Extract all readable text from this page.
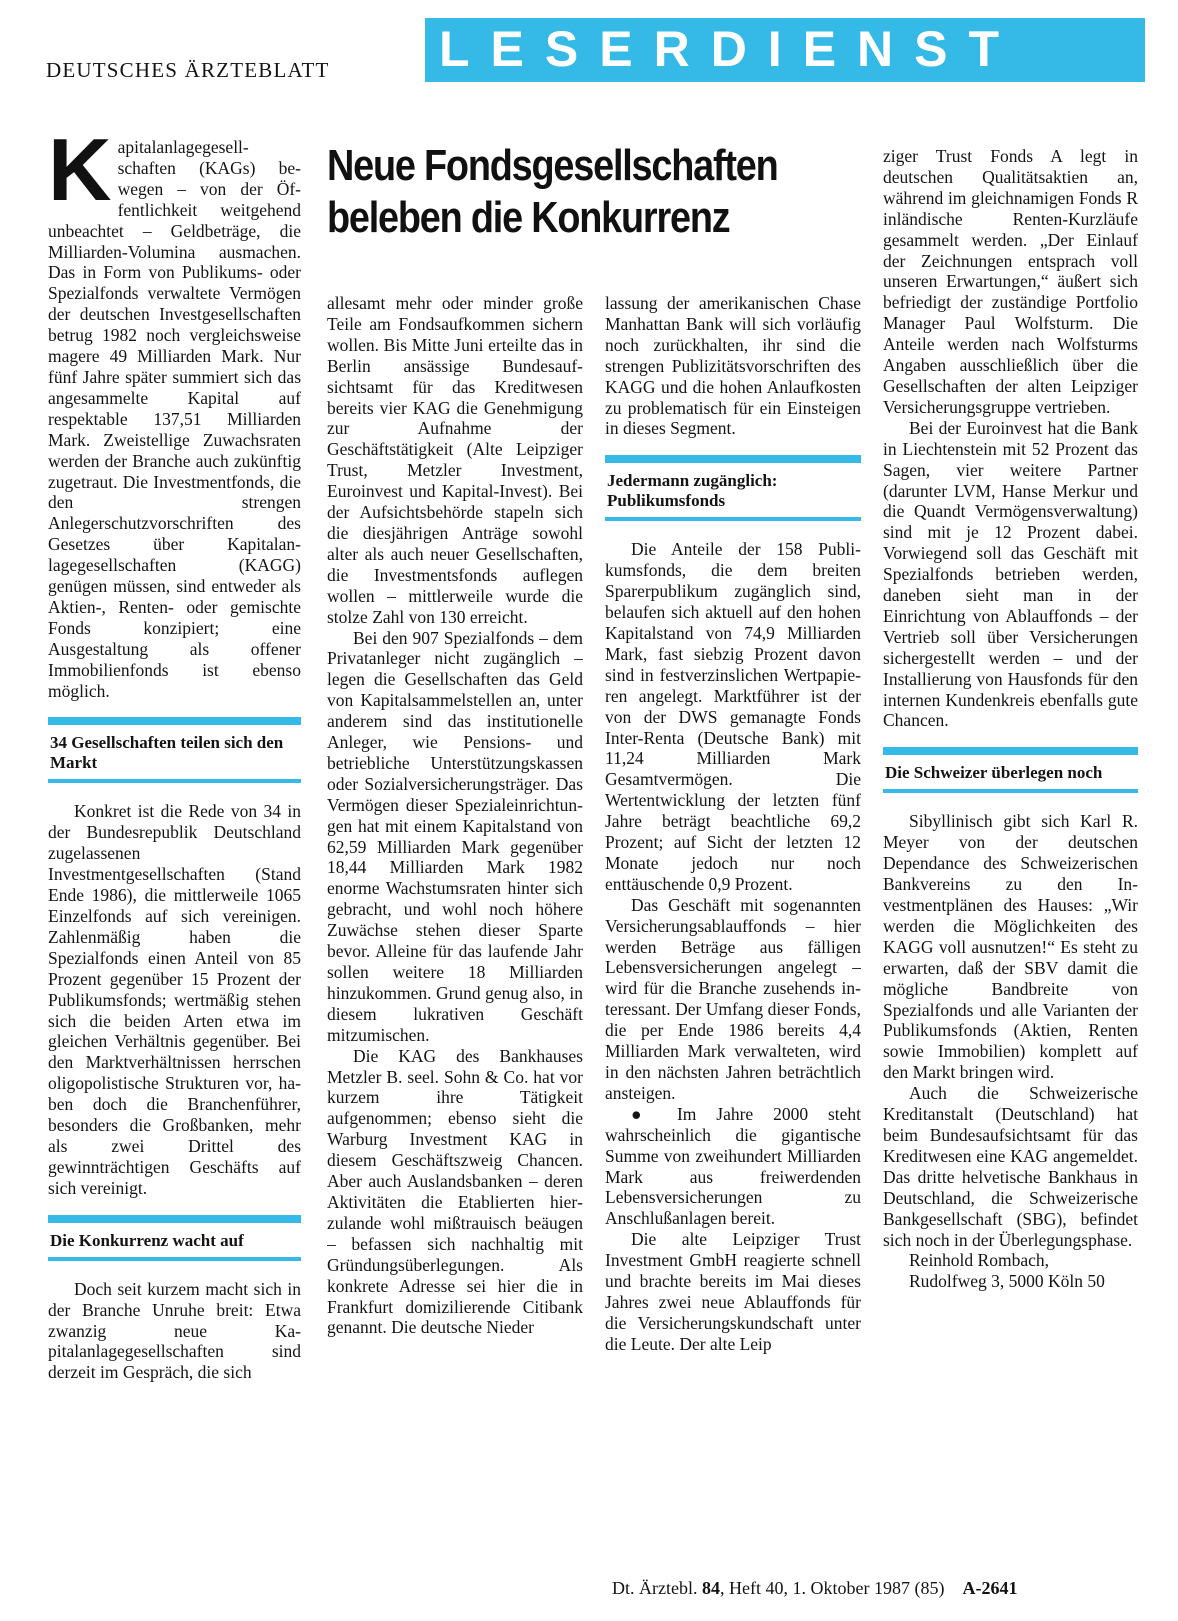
DEUTSCHES ÄRZTEBLATT LESERDIENST
Neue Fondsgesellschaften
beleben die Konkurrenz

Kapitalanlagegesellschaften (KAGs) bewegen – von der Öffentlichkeit weitgehend unbeachtet – Geldbeträge, die Milliarden-Volumina ausmachen. Das in Form von Publikums- oder Spezialfonds verwaltete Vermögen der deutschen Investgesellschaften betrug 1982 noch vergleichsweise magere 49 Milliarden Mark. Nur fünf Jahre später summiert sich das angesammelte Kapital auf respektable 137,51 Milliarden Mark. Zweistellige Zuwachsraten werden der Branche auch zukünftig zugetraut. Die Investmentfonds, die den strengen Anlegerschutzvorschriften des Gesetzes über Kapitalanlagegesellschaften (KAGG) genügen müssen, sind entweder als Aktien-, Renten- oder gemischte Fonds konzipiert; eine Ausgestaltung als offener Immobilienfonds ist ebenso möglich.

34 Gesellschaften teilen sich den Markt

Konkret ist die Rede von 34 in der Bundesrepublik Deutschland zugelassenen Investmentgesellschaften (Stand Ende 1986), die mittlerweile 1065 Einzelfonds auf sich vereinigen. Zahlenmäßig haben die Spezialfonds einen Anteil von 85 Prozent gegenüber 15 Prozent der Publikumsfonds; wertmäßig stehen sich die beiden Arten etwa im gleichen Verhältnis gegenüber. Bei den Marktverhältnissen herrschen oligopolistische Strukturen vor, haben doch die Branchenführer, besonders die Großbanken, mehr als zwei Drittel des gewinnträchtigen Geschäfts auf sich vereinigt.

Die Konkurrenz wacht auf

Doch seit kurzem macht sich in der Branche Unruhe breit: Etwa zwanzig neue Kapitalanlagegesellschaften sind derzeit im Gespräch, die sich

allesamt mehr oder minder große Teile am Fondsaufkommen sichern wollen. Bis Mitte Juni erteilte das in Berlin ansässige Bundesaufsichtsamt für das Kreditwesen bereits vier KAG die Genehmigung zur Aufnahme der Geschäftstätigkeit (Alte Leipziger Trust, Metzler Investment, Euroinvest und Kapital-Invest). Bei der Aufsichtsbehörde stapeln sich die diesjährigen Anträge sowohl alter als auch neuer Gesellschaften, die Investmentsfonds auflegen wollen – mittlerweile wurde die stolze Zahl von 130 erreicht.

Bei den 907 Spezialfonds – dem Privatanleger nicht zugänglich – legen die Gesellschaften das Geld von Kapitalsammelstellen an, unter anderem sind das institutionelle Anleger, wie Pensions- und betriebliche Unterstützungskassen oder Sozialversicherungsträger. Das Vermögen dieser Spezialeinrichtungen hat mit einem Kapitalstand von 62,59 Milliarden Mark gegenüber 18,44 Milliarden Mark 1982 enorme Wachstumsraten hinter sich gebracht, und wohl noch höhere Zuwächse stehen dieser Sparte bevor. Alleine für das laufende Jahr sollen weitere 18 Milliarden hinzukommen. Grund genug also, in diesem lukrativen Geschäft mitzumischen.

Die KAG des Bankhauses Metzler B. seel. Sohn & Co. hat vor kurzem ihre Tätigkeit aufgenommen; ebenso sieht die Warburg Investment KAG in diesem Geschäftszweig Chancen. Aber auch Auslandsbanken – deren Aktivitäten die Etablierten hierzulande wohl mißtrauisch beäugen – befassen sich nachhaltig mit Gründungsüberlegungen. Als konkrete Adresse sei hier die in Frankfurt domizilierende Citibank genannt. Die deutsche Nieder

lassung der amerikanischen Chase Manhattan Bank will sich vorläufig noch zurückhalten, ihr sind die strengen Publizitätsvorschriften des KAGG und die hohen Anlaufkosten zu problematisch für ein Einsteigen in dieses Segment.

Jedermann zugänglich: Publikumsfonds

Die Anteile der 158 Publikumsfonds, die dem breiten Sparerpublikum zugänglich sind, belaufen sich aktuell auf den hohen Kapitalstand von 74,9 Milliarden Mark, fast siebzig Prozent davon sind in festverzinslichen Wertpapieren angelegt. Marktführer ist der von der DWS gemanagte Fonds Inter-Renta (Deutsche Bank) mit 11,24 Milliarden Mark Gesamtvermögen. Die Wertentwicklung der letzten fünf Jahre beträgt beachtliche 69,2 Prozent; auf Sicht der letzten 12 Monate jedoch nur noch enttäuschende 0,9 Prozent.

Das Geschäft mit sogenannten Versicherungsablauffonds – hier werden Beträge aus fälligen Lebensversicherungen angelegt – wird für die Branche zusehends interessant. Der Umfang dieser Fonds, die per Ende 1986 bereits 4,4 Milliarden Mark verwalteten, wird in den nächsten Jahren beträchtlich ansteigen.

● Im Jahre 2000 steht wahrscheinlich die gigantische Summe von zweihundert Milliarden Mark aus freiwerdenden Lebensversicherungen zu Anschlußanlagen bereit.

Die alte Leipziger Trust Investment GmbH reagierte schnell und brachte bereits im Mai dieses Jahres zwei neue Ablauffonds für die Versicherungskundschaft unter die Leute. Der alte Leip

ziger Trust Fonds A legt in deutschen Qualitätsaktien an, während im gleichnamigen Fonds R inländische Renten-Kurzläufe gesammelt werden. „Der Einlauf der Zeichnungen entsprach voll unseren Erwartungen,“ äußert sich befriedigt der zuständige Portfolio Manager Paul Wolfsturm. Die Anteile werden nach Wolfsturms Angaben ausschließlich über die Gesellschaften der alten Leipziger Versicherungsgruppe vertrieben.

Bei der Euroinvest hat die Bank in Liechtenstein mit 52 Prozent das Sagen, vier weitere Partner (darunter LVM, Hanse Merkur und die Quandt Vermögensverwaltung) sind mit je 12 Prozent dabei. Vorwiegend soll das Geschäft mit Spezialfonds betrieben werden, daneben sieht man in der Einrichtung von Ablauffonds – der Vertrieb soll über Versicherungen sichergestellt werden – und der Installierung von Hausfonds für den internen Kundenkreis ebenfalls gute Chancen.

Die Schweizer überlegen noch

Sibyllinisch gibt sich Karl R. Meyer von der deutschen Dependance des Schweizerischen Bankvereins zu den Investmentplänen des Hauses: „Wir werden die Möglichkeiten des KAGG voll ausnutzen!“ Es steht zu erwarten, daß der SBV damit die mögliche Bandbreite von Spezialfonds und alle Varianten der Publikumsfonds (Aktien, Renten sowie Immobilien) komplett auf den Markt bringen wird.

Auch die Schweizerische Kreditanstalt (Deutschland) hat beim Bundesaufsichtsamt für das Kreditwesen eine KAG angemeldet. Das dritte helvetische Bankhaus in Deutschland, die Schweizerische Bankgesellschaft (SBG), befindet sich noch in der Überlegungsphase.

Reinhold Rombach,

Rudolfweg 3, 5000 Köln 50

Dt. Ärztebl. 84, Heft 40, 1. Oktober 1987 (85) A-2641
